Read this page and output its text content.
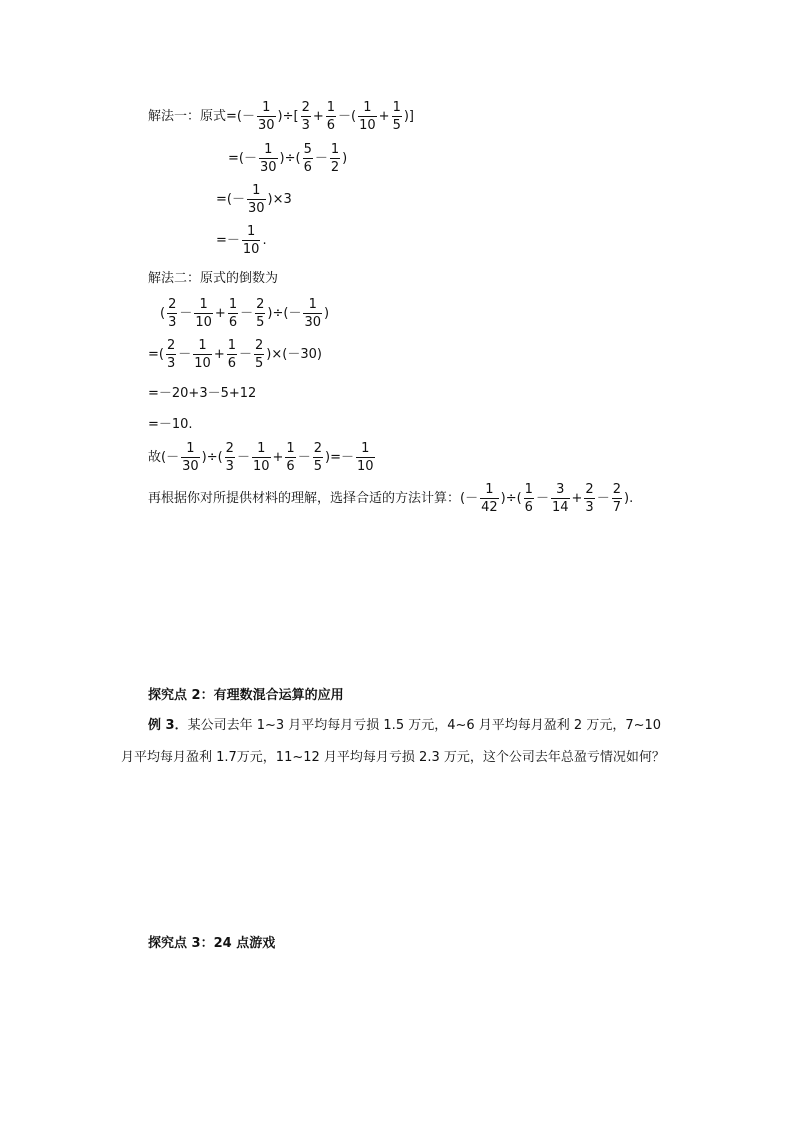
解法一：原式 =(－ $\frac{1}{30}$ )÷[ $\frac{2}{3} + \frac{1}{6}$ －( $\frac{1}{10} + \frac{1}{5}$ )]
=(－ $\frac{1}{30}$ )÷( $\frac{5}{6} - \frac{1}{2}$ )
=(－ $\frac{1}{30} )\times 3$
=－ $\frac{1}{10}$ .
解法二：原式的倒数为
( $\frac{2}{3} - \frac{1}{10} + \frac{1}{6} - \frac{2}{5}$ )÷(－ $\frac{1}{30}$ )
=( $\frac{2}{3} - \frac{1}{10} + \frac{1}{6} - \frac{2}{5} )\times(-30)$
=－20+3－5+12
=－10.
故(－ $\frac{1}{30}$ )÷( $\frac{2}{3} - \frac{1}{10} + \frac{1}{6} - \frac{2}{5}$ )=－ $\frac{1}{10}$
再根据你对所提供材料的理解，选择合适的方法计算：(－ $\frac{1}{42}$ )÷( $\frac{1}{6} - \frac{3}{14} + \frac{2}{3} - \frac{2}{7}$ ).
探究点 2：有理数混合运算的应用
例 3．某公司去年 1~3 月平均每月亏损 1.5 万元，4~6 月平均每月盈利 2 万元，7~10
月平均每月盈利 1.7万元，11~12 月平均每月亏损 2.3 万元，这个公司去年总盈亏情况如何？
探究点 3：24 点游戏
